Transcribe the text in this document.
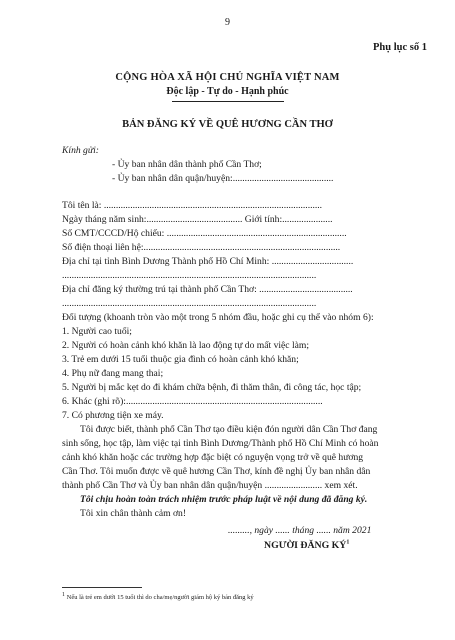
9
Phụ lục số 1
CỘNG HÒA XÃ HỘI CHỦ NGHĨA VIỆT NAM
Độc lập - Tự do - Hạnh phúc
BẢN ĐĂNG KÝ VỀ QUÊ HƯƠNG CẦN THƠ
Kính gửi:
- Ủy ban nhân dân thành phố Cần Thơ;
- Ủy ban nhân dân quận/huyện:..........................................
Tôi tên là: ...........................................................................................
Ngày tháng năm sinh:........................................ Giới tính:.....................
Số CMT/CCCD/Hộ chiếu: ...........................................................................
Số điện thoại liên hệ:..................................................................................
Địa chỉ tại tỉnh Bình Dương Thành phố Hồ Chí Minh: ..................................
..........................................................................................................
Địa chỉ đăng ký thường trú tại thành phố Cần Thơ: .......................................
..........................................................................................................
Đối tượng (khoanh tròn vào một trong 5 nhóm đầu, hoặc ghi cụ thể vào nhóm 6):
1. Người cao tuổi;
2. Người có hoàn cảnh khó khăn là lao động tự do mất việc làm;
3. Trẻ em dưới 15 tuổi thuộc gia đình có hoàn cảnh khó khăn;
4. Phụ nữ đang mang thai;
5. Người bị mắc kẹt do đi khám chữa bệnh, đi thăm thân, đi công tác, học tập;
6. Khác (ghi rõ):..................................................................................
7. Có phương tiện xe máy.
Tôi được biết, thành phố Cần Thơ tạo điều kiện đón người dân Cần Thơ đang
sinh sống, học tập, làm việc tại tỉnh Bình Dương/Thành phố Hồ Chí Minh có hoàn
cảnh khó khăn hoặc các trường hợp đặc biệt có nguyện vọng trở về quê hương
Cần Thơ. Tôi muốn được về quê hương Cần Thơ, kính đề nghị Ủy ban nhân dân
thành phố Cần Thơ và Ủy ban nhân dân quận/huyện ........................ xem xét.
Tôi chịu hoàn toàn trách nhiệm trước pháp luật về nội dung đã đăng ký.
Tôi xin chân thành cảm ơn!
........., ngày ...... tháng ...... năm 2021
NGƯỜI ĐĂNG $KÝ^1$
1 Nếu là trẻ em dưới 15 tuổi thì do cha/mẹ/người giám hộ ký bản đăng ký
